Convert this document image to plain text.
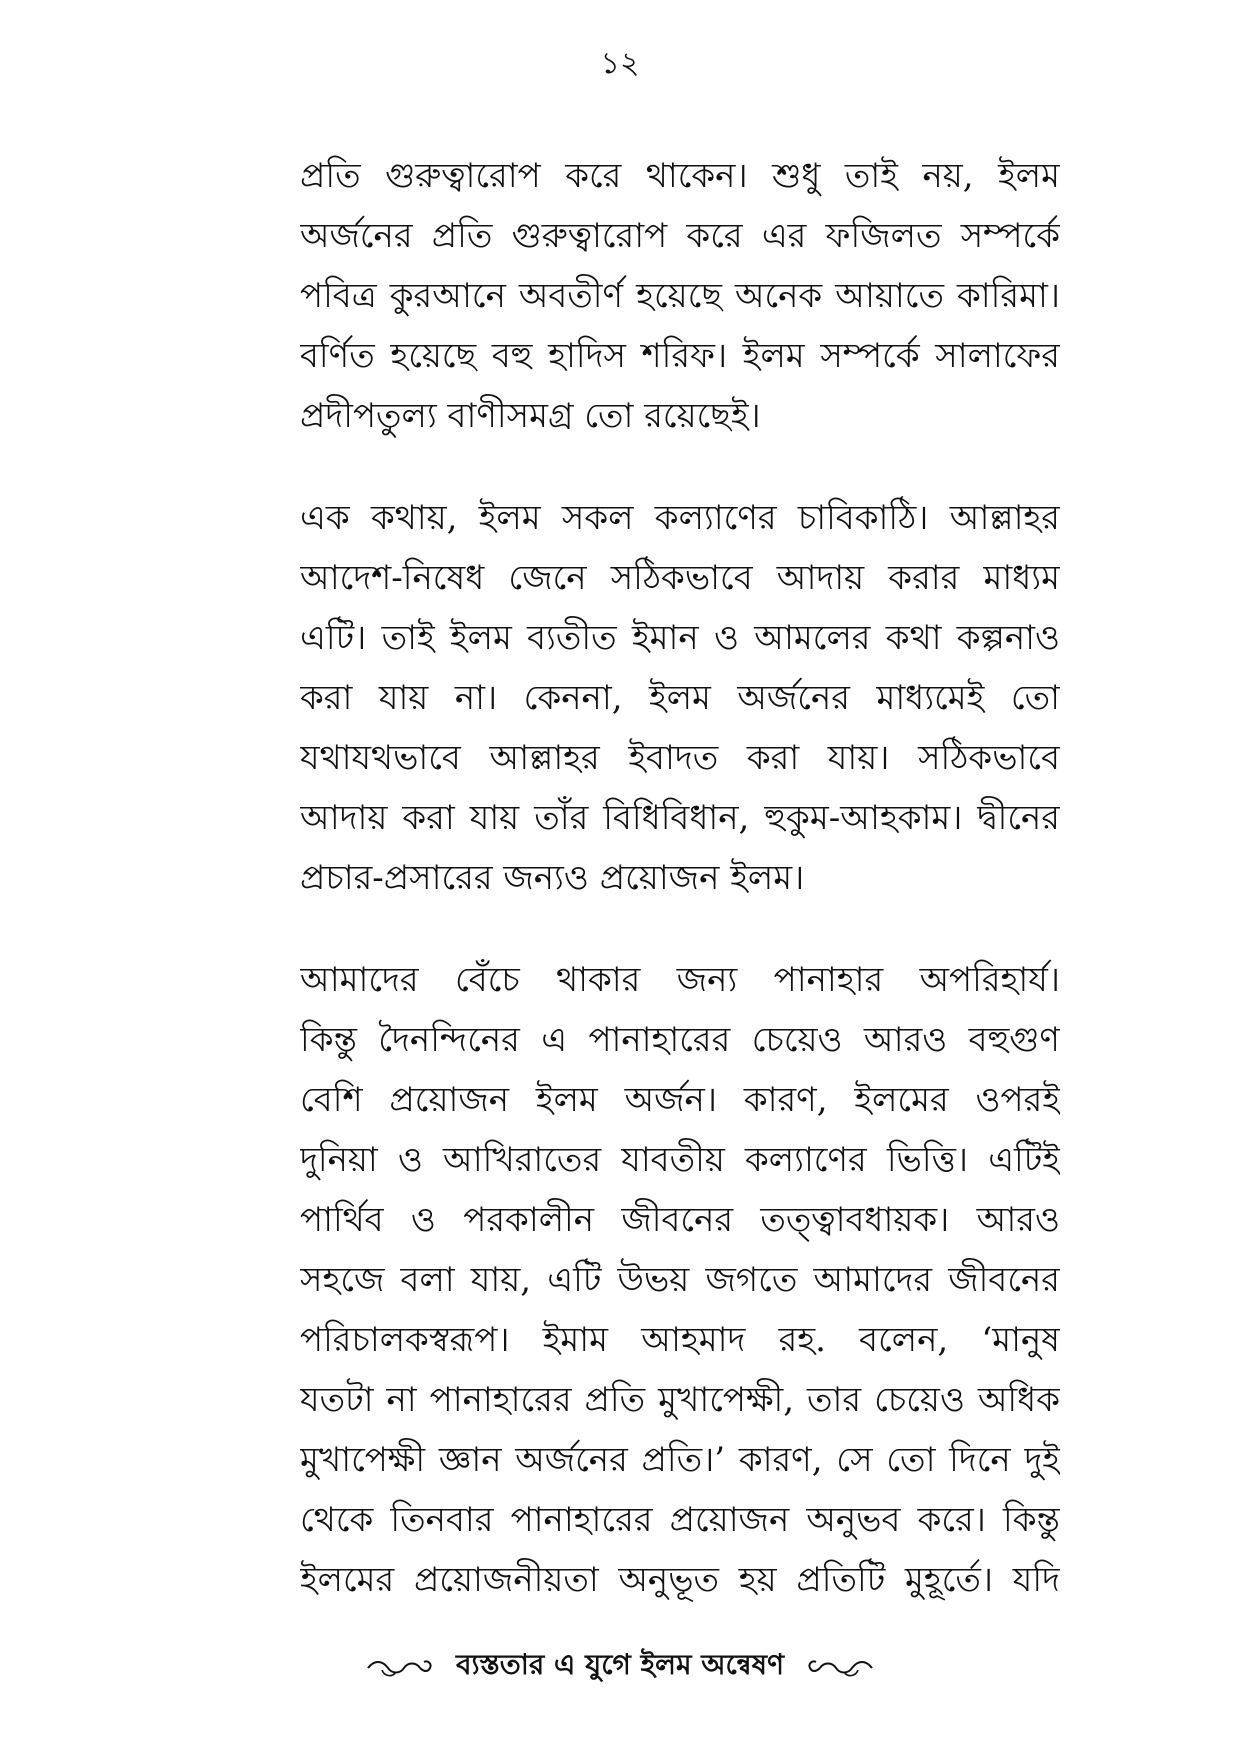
১২
প্রতি গুরুত্বারোপ করে থাকেন। শুধু তাই নয়, ইলম
অর্জনের প্রতি গুরুত্বারোপ করে এর ফজিলত সম্পর্কে
পবিত্র কুরআনে অবতীর্ণ হয়েছে অনেক আয়াতে কারিমা।
বর্ণিত হয়েছে বহু হাদিস শরিফ। ইলম সম্পর্কে সালাফের
প্রদীপতুল্য বাণীসমগ্র তো রয়েছেই।
এক কথায়, ইলম সকল কল্যাণের চাবিকাঠি। আল্লাহর
আদেশ-নিষেধ জেনে সঠিকভাবে আদায় করার মাধ্যম
এটি। তাই ইলম ব্যতীত ইমান ও আমলের কথা কল্পনাও
করা যায় না। কেননা, ইলম অর্জনের মাধ্যমেই তো
যথাযথভাবে আল্লাহর ইবাদত করা যায়। সঠিকভাবে
আদায় করা যায় তাঁর বিধিবিধান, হুকুম-আহকাম। দ্বীনের
প্রচার-প্রসারের জন্যও প্রয়োজন ইলম।
আমাদের বেঁচে থাকার জন্য পানাহার অপরিহার্য।
কিন্তু দৈনন্দিনের এ পানাহারের চেয়েও আরও বহুগুণ
বেশি প্রয়োজন ইলম অর্জন। কারণ, ইলমের ওপরই
দুনিয়া ও আখিরাতের যাবতীয় কল্যাণের ভিত্তি। এটিই
পার্থিব ও পরকালীন জীবনের তত্ত্বাবধায়ক। আরও
সহজে বলা যায়, এটি উভয় জগতে আমাদের জীবনের
পরিচালকস্বরূপ। ইমাম আহমাদ রহ. বলেন, ‘মানুষ
যতটা না পানাহারের প্রতি মুখাপেক্ষী, তার চেয়েও অধিক
মুখাপেক্ষী জ্ঞান অর্জনের প্রতি।’ কারণ, সে তো দিনে দুই
থেকে তিনবার পানাহারের প্রয়োজন অনুভব করে। কিন্তু
ইলমের প্রয়োজনীয়তা অনুভূত হয় প্রতিটি মুহূর্তে। যদি
ব্যস্ততার এ যুগে ইলম অন্বেষণ
